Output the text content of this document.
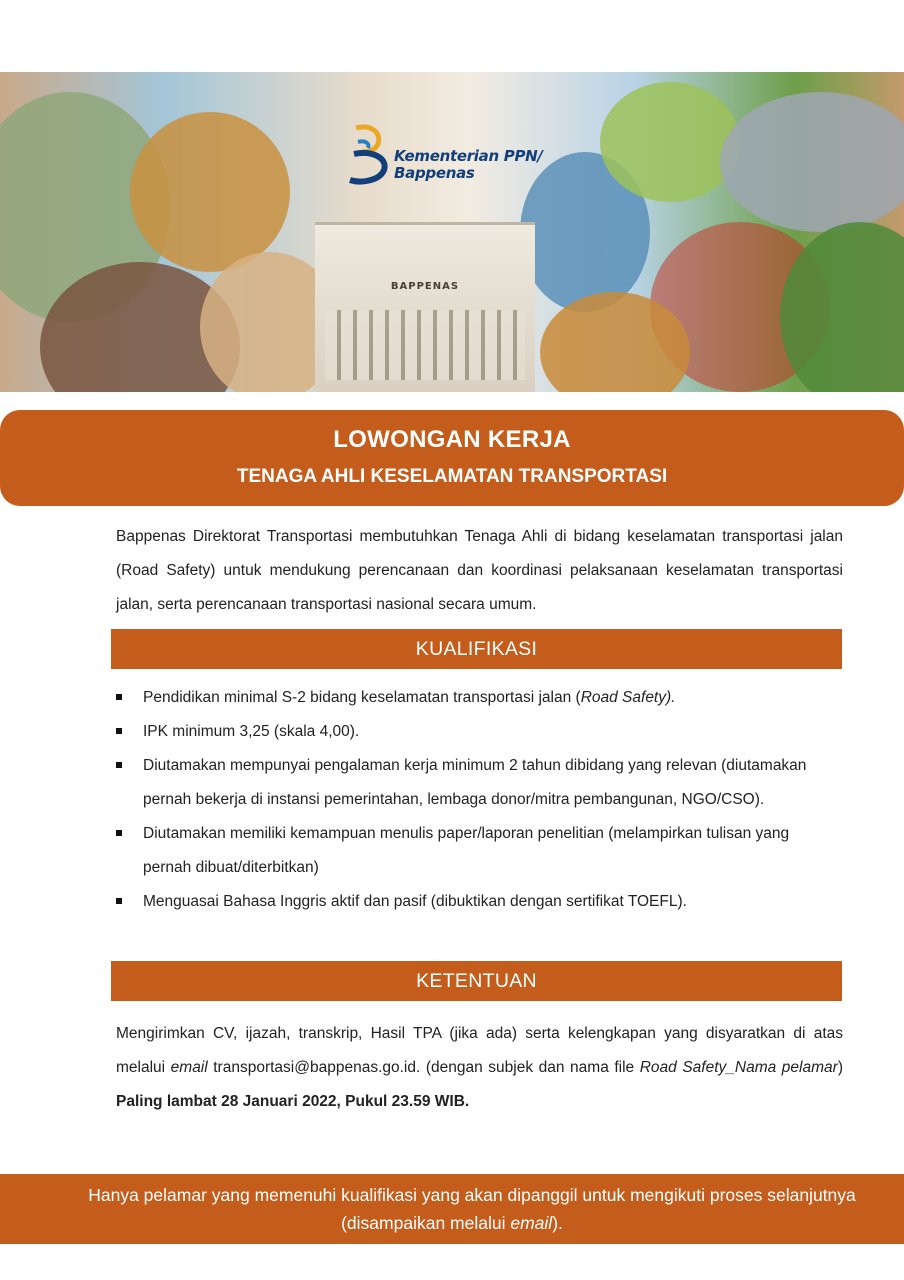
BAPPENAS
Kementerian PPN/
Bappenas
LOWONGAN KERJA
TENAGA AHLI KESELAMATAN TRANSPORTASI
Bappenas Direktorat Transportasi membutuhkan Tenaga Ahli di bidang keselamatan transportasi jalan (Road Safety) untuk mendukung perencanaan dan koordinasi pelaksanaan keselamatan transportasi jalan, serta perencanaan transportasi nasional secara umum.
KUALIFIKASI
Pendidikan minimal S-2 bidang keselamatan transportasi jalan (Road Safety).
IPK minimum 3,25 (skala 4,00).
Diutamakan mempunyai pengalaman kerja minimum 2 tahun dibidang yang relevan (diutamakan pernah bekerja di instansi pemerintahan, lembaga donor/mitra pembangunan, NGO/CSO).
Diutamakan memiliki kemampuan menulis paper/laporan penelitian (melampirkan tulisan yang pernah dibuat/diterbitkan)
Menguasai Bahasa Inggris aktif dan pasif (dibuktikan dengan sertifikat TOEFL).
KETENTUAN
Mengirimkan CV, ijazah, transkrip, Hasil TPA (jika ada) serta kelengkapan yang disyaratkan di atas melalui email transportasi@bappenas.go.id. (dengan subjek dan nama file Road Safety_Nama pelamar) Paling lambat 28 Januari 2022, Pukul 23.59 WIB.
Hanya pelamar yang memenuhi kualifikasi yang akan dipanggil untuk mengikuti proses selanjutnya
(disampaikan melalui email).
